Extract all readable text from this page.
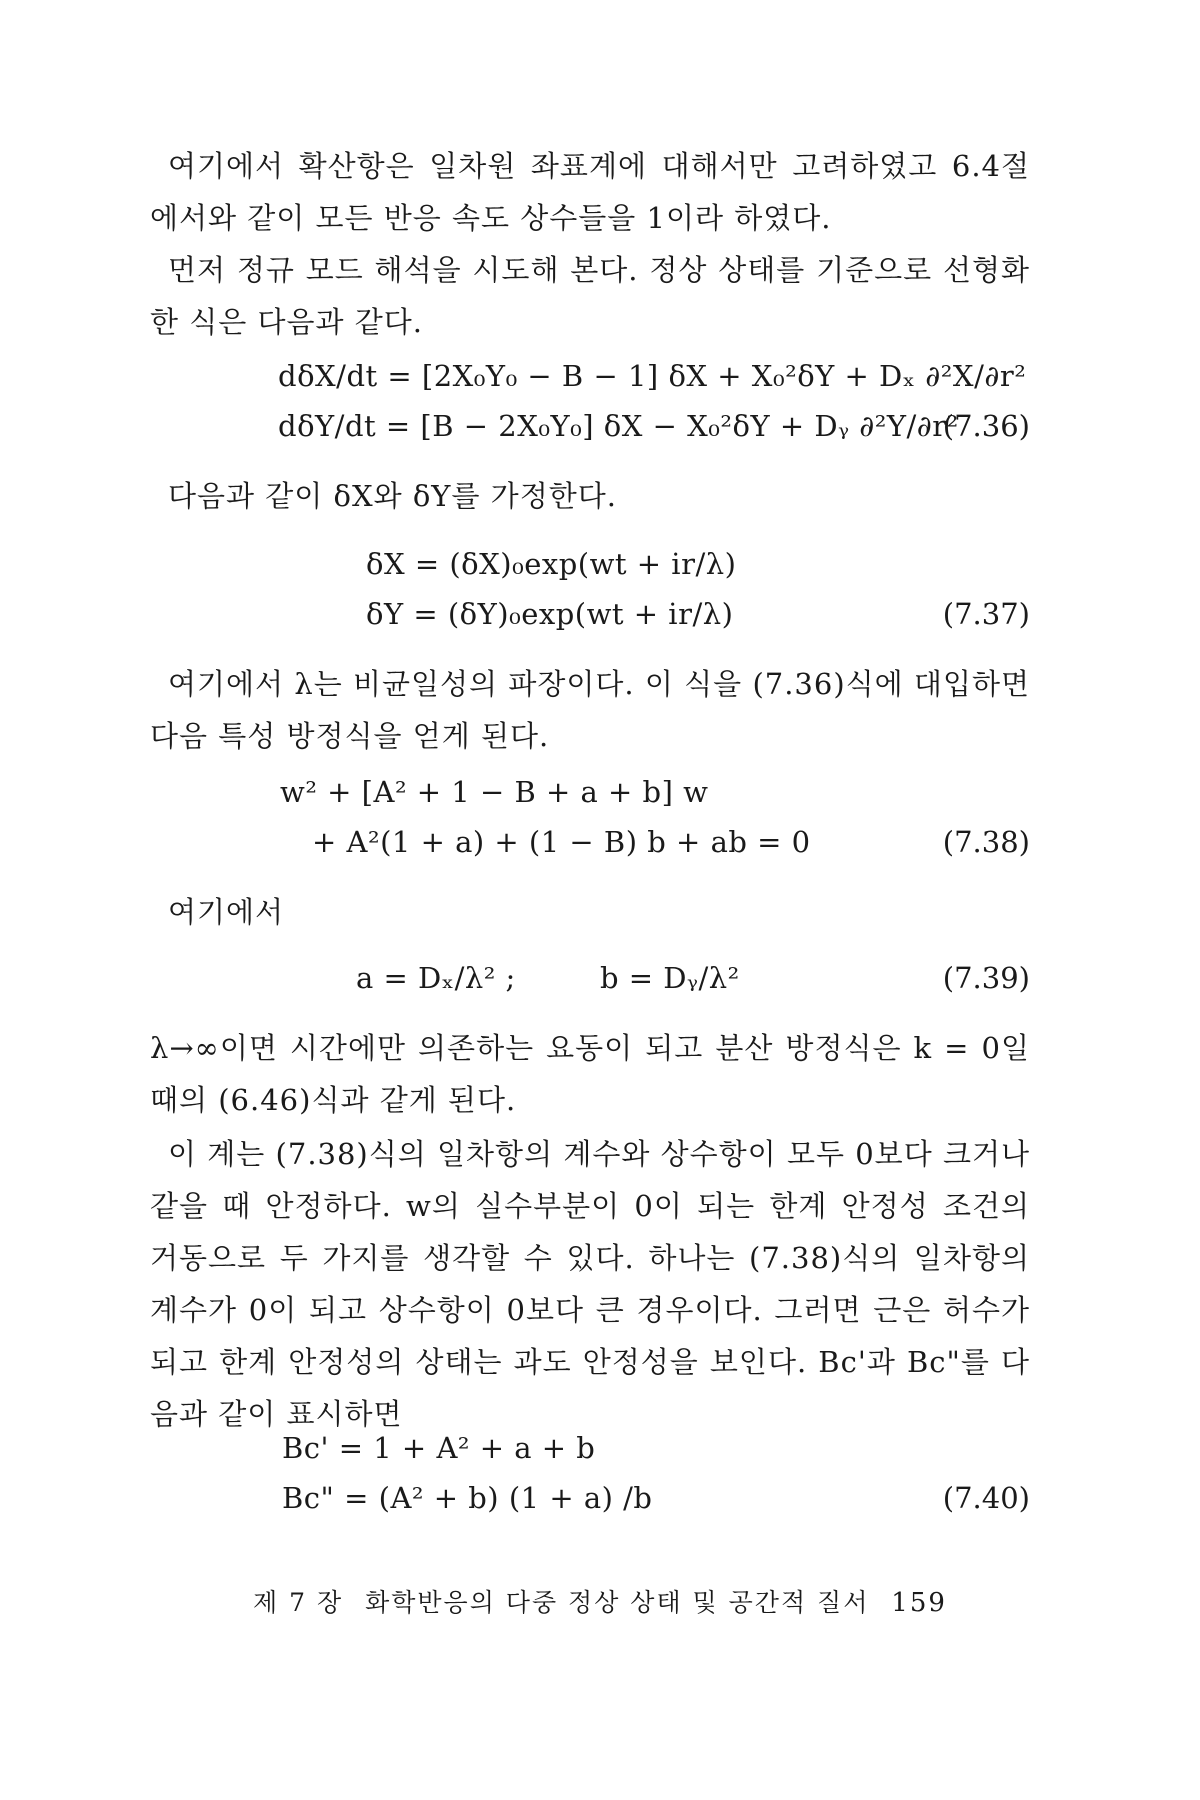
여기에서 확산항은 일차원 좌표계에 대해서만 고려하였고 6.4절에서와 같이 모든 반응 속도 상수들을 1이라 하였다.
먼저 정규 모드 해석을 시도해 본다. 정상 상태를 기준으로 선형화한 식은 다음과 같다.
dδX/dt = [2X₀Y₀ − B − 1] δX + X₀²δY + Dₓ ∂²X/∂r²
dδY/dt = [B − 2X₀Y₀] δX − X₀²δY + Dᵧ ∂²Y/∂r²
(7.36)
다음과 같이 δX와 δY를 가정한다.
δX = (δX)₀exp(wt + ir/λ)
δY = (δY)₀exp(wt + ir/λ)	(7.37)
여기에서 λ는 비균일성의 파장이다. 이 식을 (7.36)식에 대입하면 다음 특성 방정식을 얻게 된다.
w² + [A² + 1 − B + a + b] w
+ A²(1 + a) + (1 − B) b + ab = 0	(7.38)
여기에서
a = Dₓ/λ² ;	b = Dᵧ/λ²	(7.39)
λ→∞이면 시간에만 의존하는 요동이 되고 분산 방정식은 k = 0일 때의 (6.46)식과 같게 된다.
이 계는 (7.38)식의 일차항의 계수와 상수항이 모두 0보다 크거나 같을 때 안정하다. w의 실수부분이 0이 되는 한계 안정성 조건의 거동으로 두 가지를 생각할 수 있다. 하나는 (7.38)식의 일차항의 계수가 0이 되고 상수항이 0보다 큰 경우이다. 그러면 근은 허수가 되고 한계 안정성의 상태는 과도 안정성을 보인다. Bc'과 Bc"를 다음과 같이 표시하면
Bc' = 1 + A² + a + b
Bc" = (A² + b) (1 + a) /b	(7.40)
제 7 장 화학반응의 다중 정상 상태 및 공간적 질서 159
